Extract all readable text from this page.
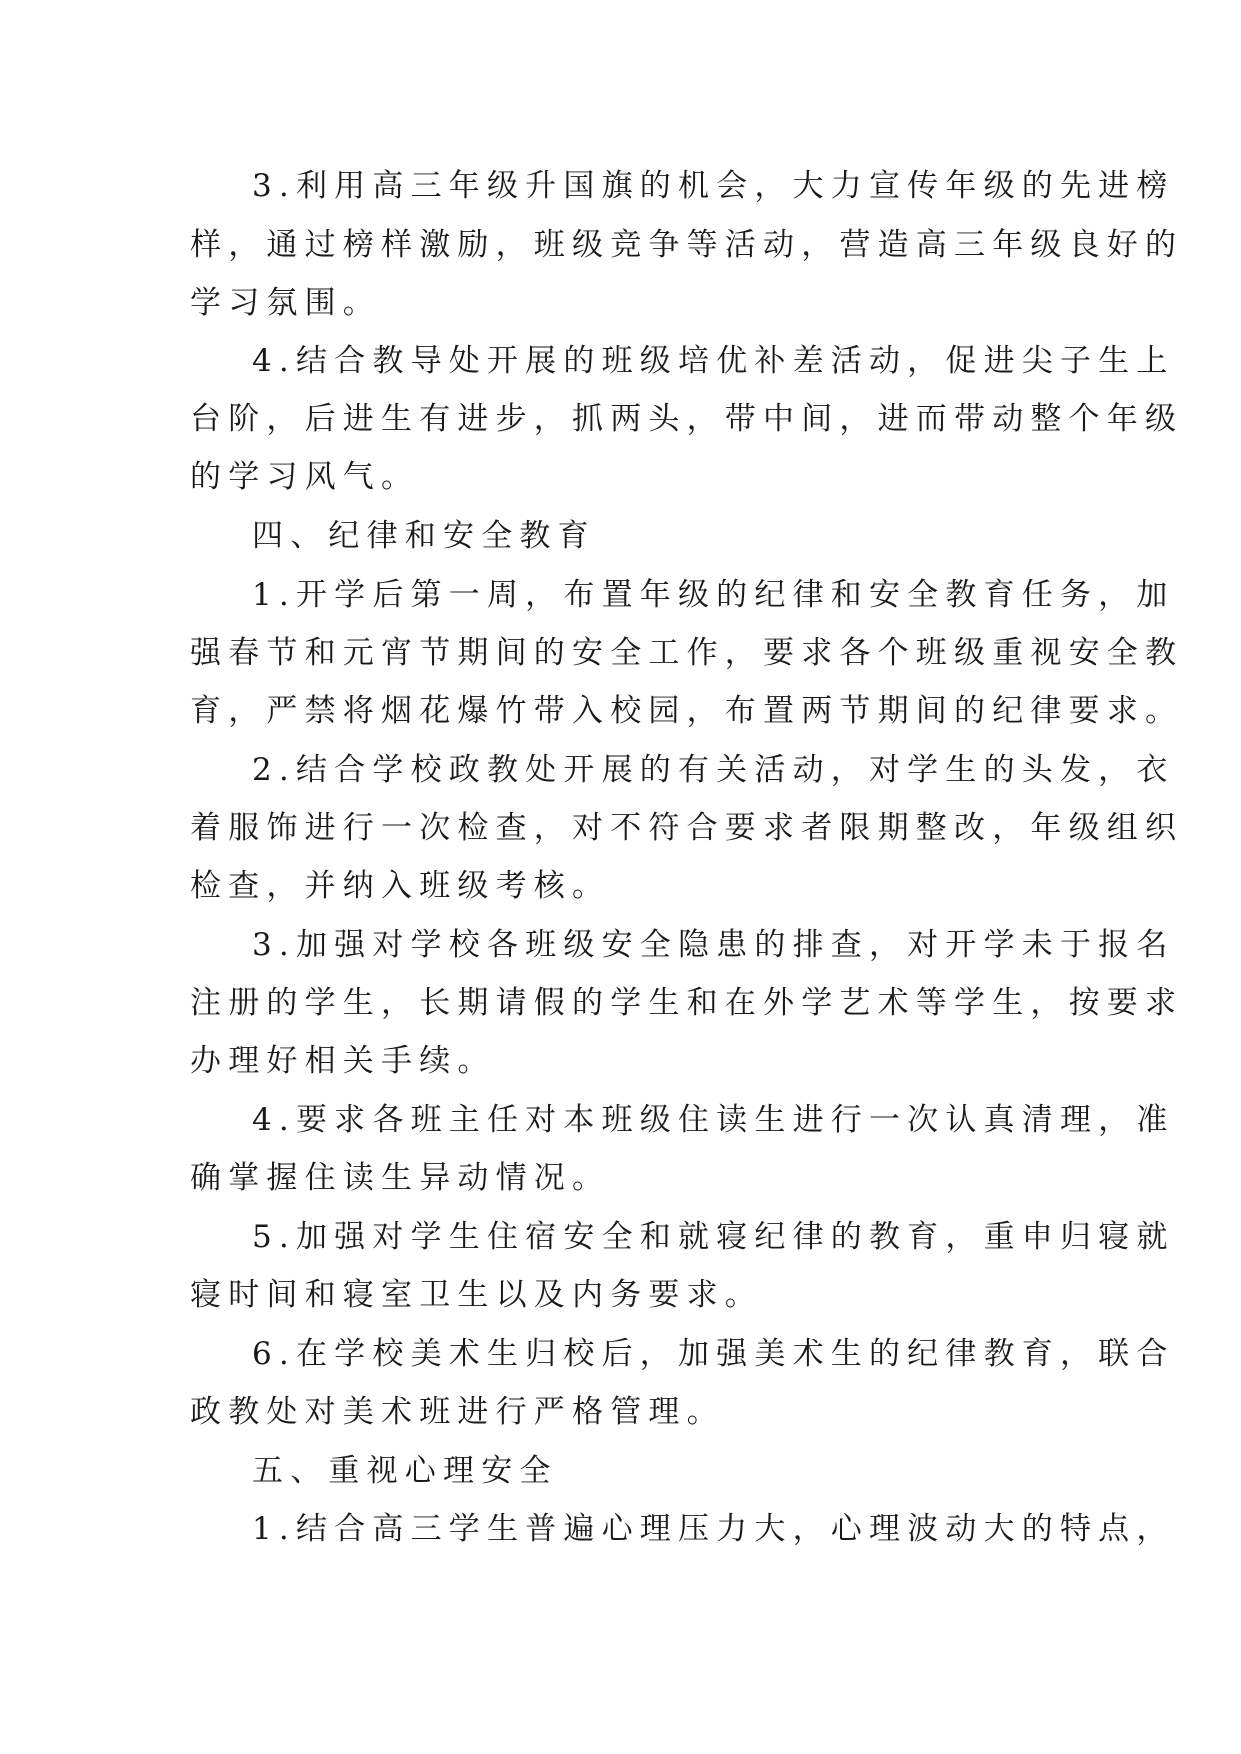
3.利用高三年级升国旗的机会，大力宣传年级的先进榜
样，通过榜样激励，班级竞争等活动，营造高三年级良好的
学习氛围。
4.结合教导处开展的班级培优补差活动，促进尖子生上
台阶，后进生有进步，抓两头，带中间，进而带动整个年级
的学习风气。
四、纪律和安全教育
1.开学后第一周，布置年级的纪律和安全教育任务，加
强春节和元宵节期间的安全工作，要求各个班级重视安全教
育，严禁将烟花爆竹带入校园，布置两节期间的纪律要求。
2.结合学校政教处开展的有关活动，对学生的头发，衣
着服饰进行一次检查，对不符合要求者限期整改，年级组织
检查，并纳入班级考核。
3.加强对学校各班级安全隐患的排查，对开学未于报名
注册的学生，长期请假的学生和在外学艺术等学生，按要求
办理好相关手续。
4.要求各班主任对本班级住读生进行一次认真清理，准
确掌握住读生异动情况。
5.加强对学生住宿安全和就寝纪律的教育，重申归寝就
寝时间和寝室卫生以及内务要求。
6.在学校美术生归校后，加强美术生的纪律教育，联合
政教处对美术班进行严格管理。
五、重视心理安全
1.结合高三学生普遍心理压力大，心理波动大的特点，
